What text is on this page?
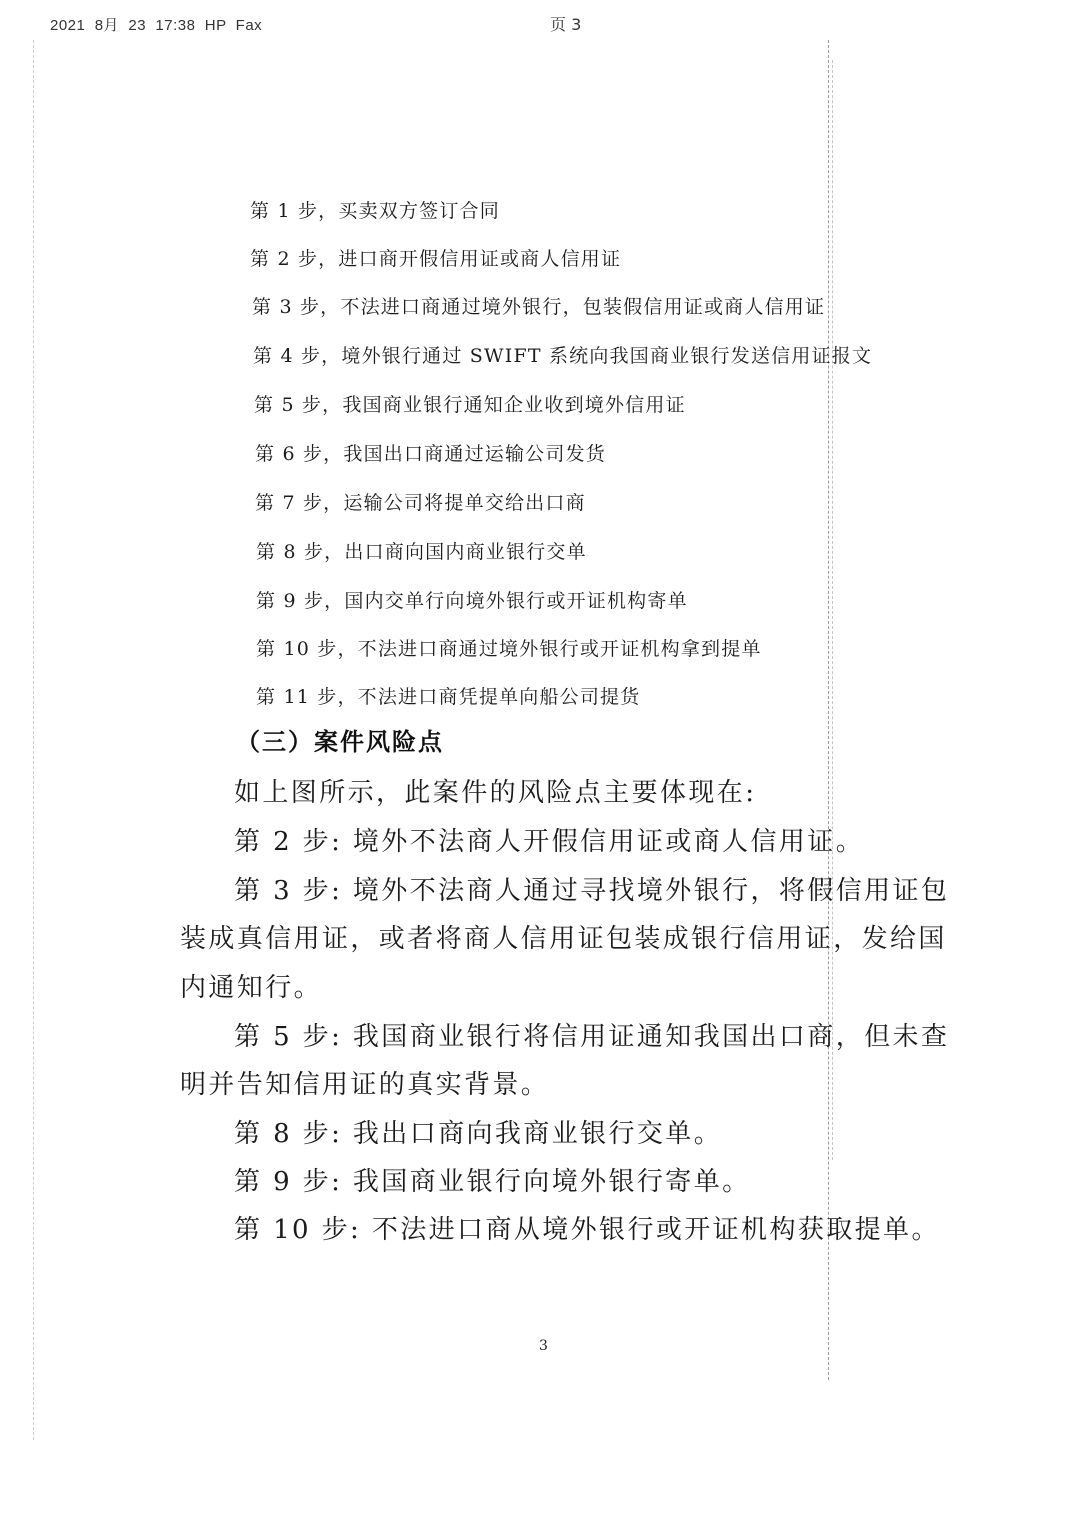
2021  8月  23  17:38  HP  Fax	页 3
第 1 步，买卖双方签订合同
第 2 步，进口商开假信用证或商人信用证
第 3 步，不法进口商通过境外银行，包装假信用证或商人信用证
第 4 步，境外银行通过 SWIFT 系统向我国商业银行发送信用证报文
第 5 步，我国商业银行通知企业收到境外信用证
第 6 步，我国出口商通过运输公司发货
第 7 步，运输公司将提单交给出口商
第 8 步，出口商向国内商业银行交单
第 9 步，国内交单行向境外银行或开证机构寄单
第 10 步，不法进口商通过境外银行或开证机构拿到提单
第 11 步，不法进口商凭提单向船公司提货
（三）案件风险点
如上图所示，此案件的风险点主要体现在:
第 2 步: 境外不法商人开假信用证或商人信用证。
第 3 步: 境外不法商人通过寻找境外银行，将假信用证包
装成真信用证，或者将商人信用证包装成银行信用证，发给国
内通知行。
第 5 步: 我国商业银行将信用证通知我国出口商，但未查
明并告知信用证的真实背景。
第 8 步: 我出口商向我商业银行交单。
第 9 步: 我国商业银行向境外银行寄单。
第 10 步: 不法进口商从境外银行或开证机构获取提单。
3
